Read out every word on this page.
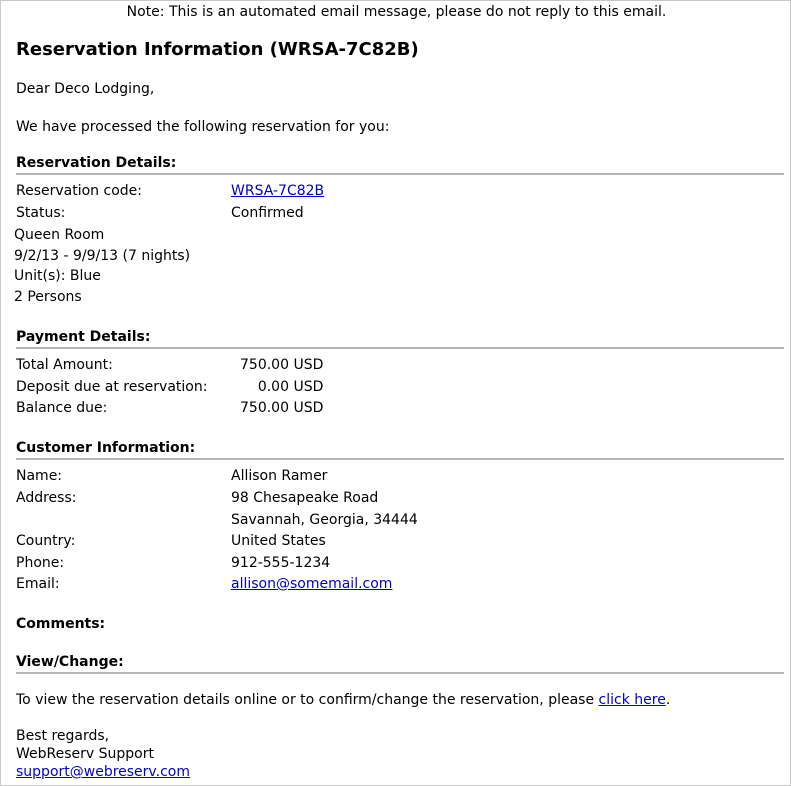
Note: This is an automated email message, please do not reply to this email.
Reservation Information (WRSA-7C82B)
Dear Deco Lodging,
We have processed the following reservation for you:
Reservation Details:
Reservation code:	WRSA-7C82B
Status:	Confirmed
Queen Room
9/2/13 - 9/9/13 (7 nights)
Unit(s): Blue
2 Persons
Payment Details:
Total Amount:	750.00 USD
Deposit due at reservation:	0.00 USD
Balance due:	750.00 USD
Customer Information:
Name:	Allison Ramer
Address:	98 Chesapeake Road
Savannah, Georgia, 34444
Country:	United States
Phone:	912-555-1234
Email:	allison@somemail.com
Comments:
View/Change:
To view the reservation details online or to confirm/change the reservation, please click here.
Best regards,
WebReserv Support
support@webreserv.com
